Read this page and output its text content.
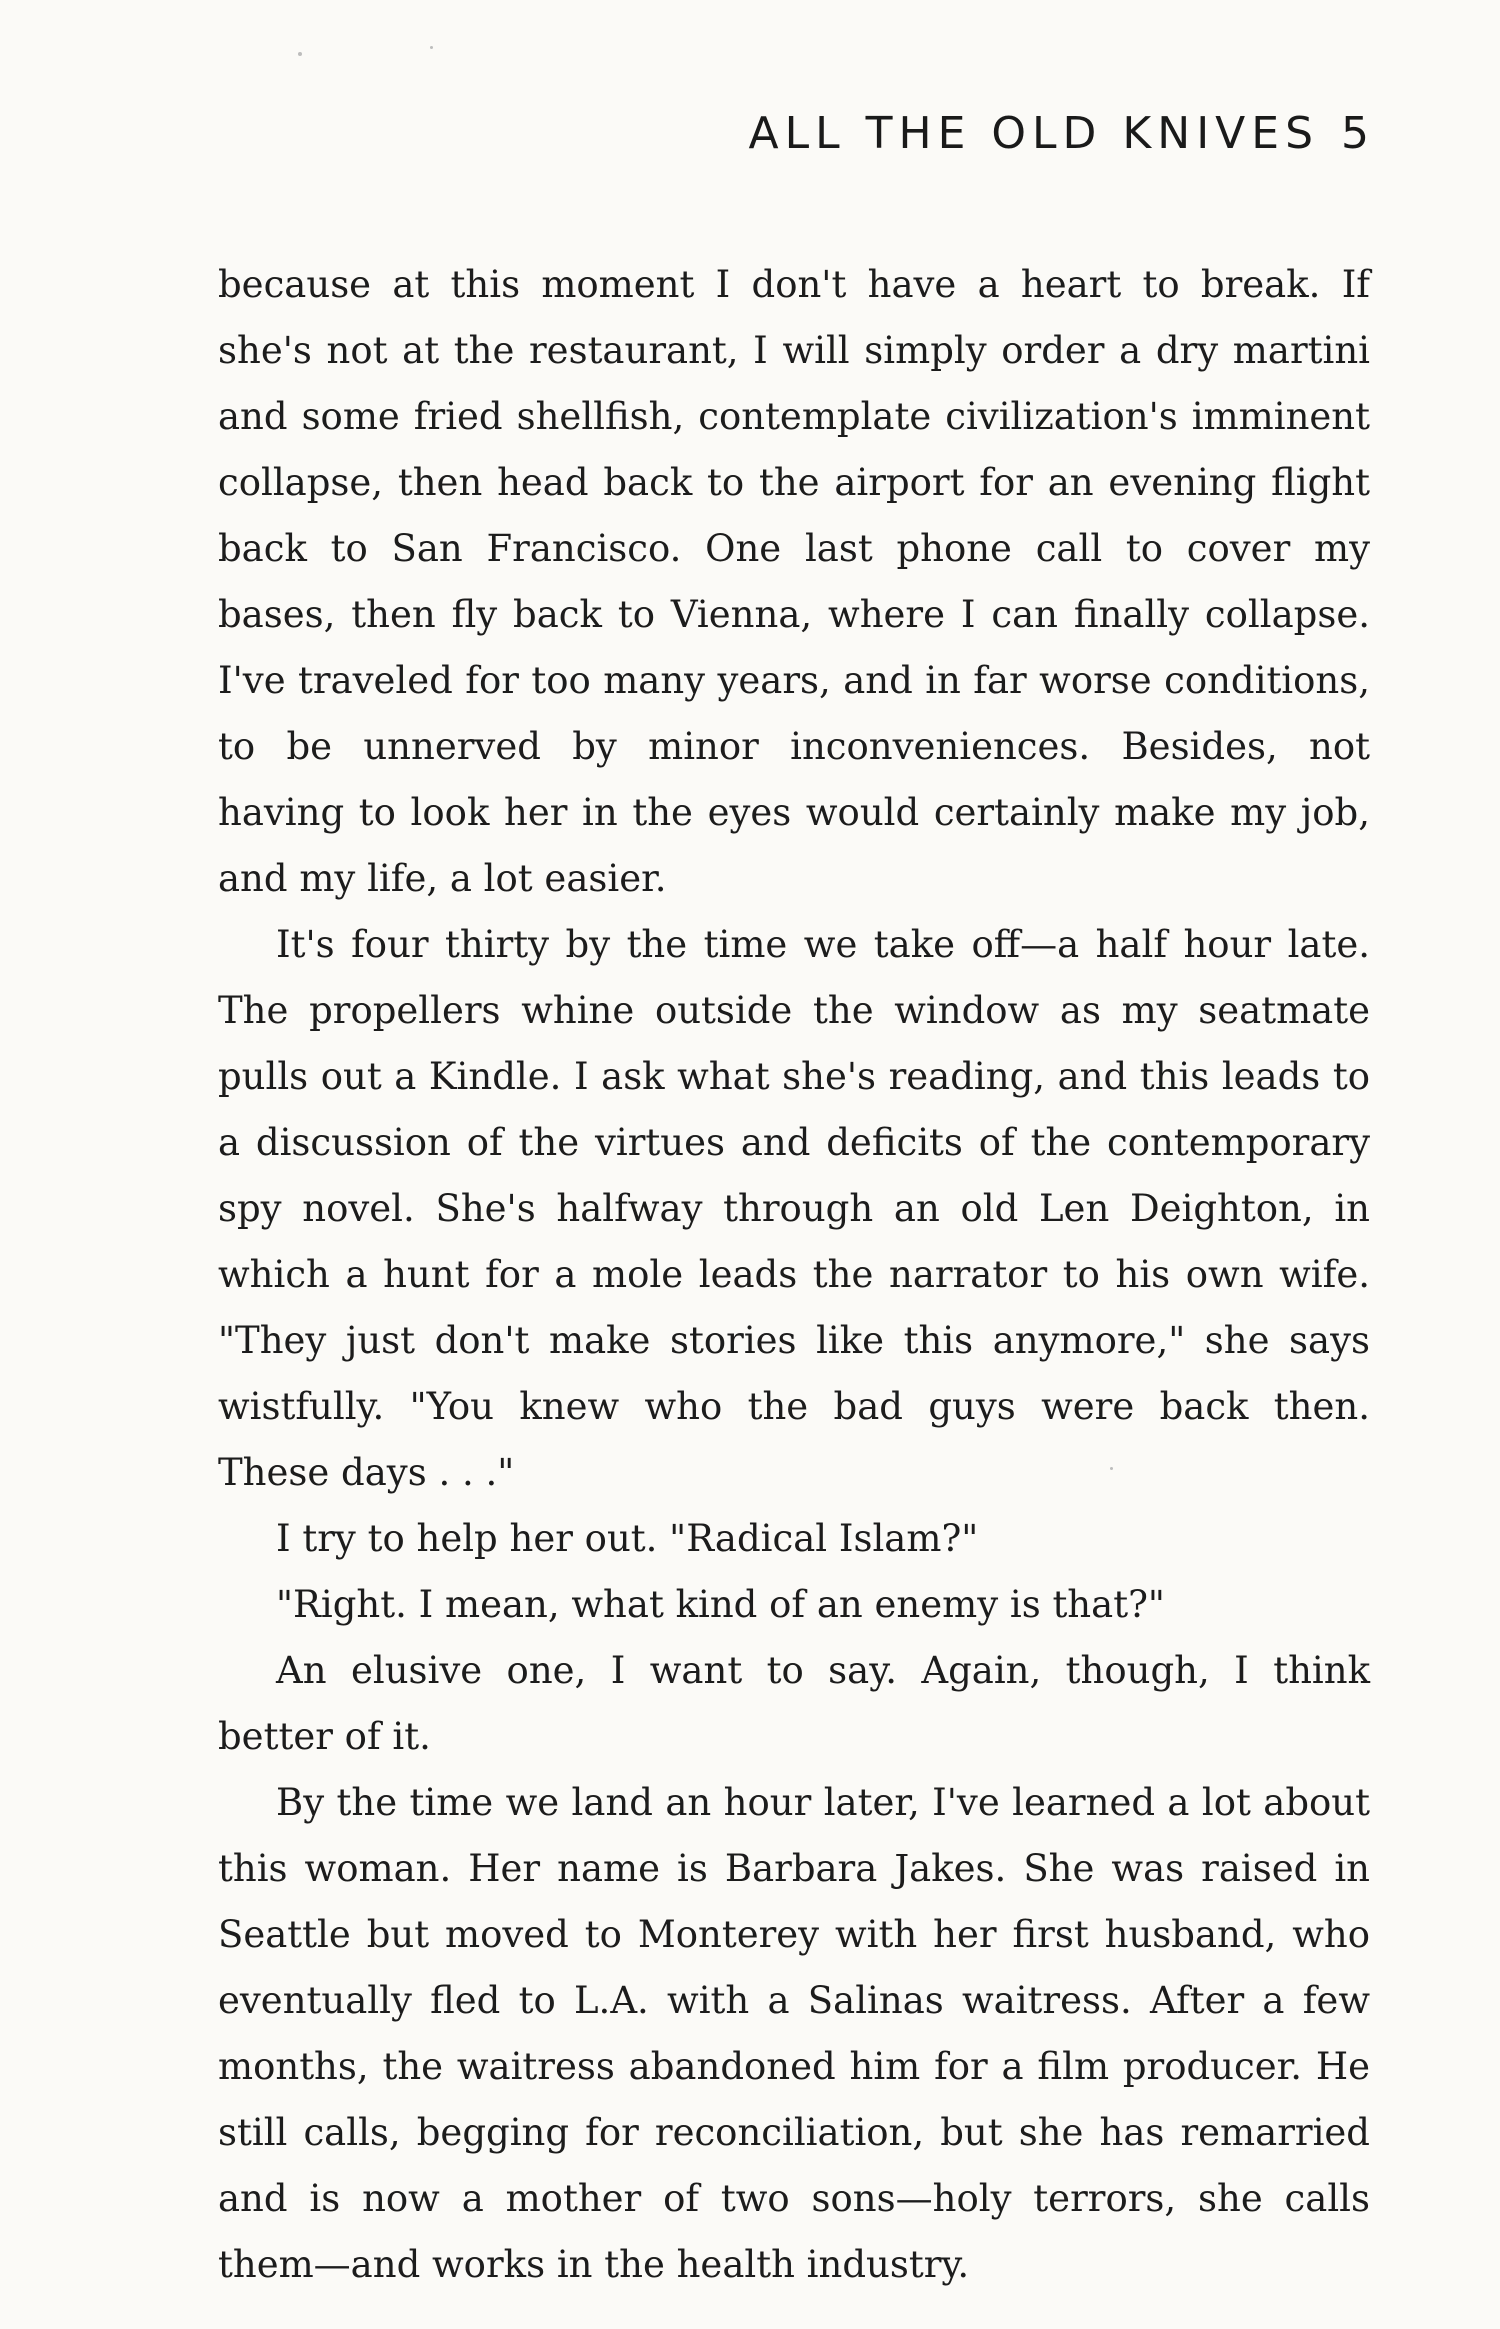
ALL THE OLD KNIVES 5

because at this moment I don't have a heart to break. If she's not at the restaurant, I will simply order a dry martini and some fried shellfish, contemplate civilization's imminent collapse, then head back to the airport for an evening flight back to San Francisco. One last phone call to cover my bases, then fly back to Vienna, where I can finally collapse. I've traveled for too many years, and in far worse conditions, to be unnerved by minor inconveniences. Besides, not having to look her in the eyes would certainly make my job, and my life, a lot easier.

It's four thirty by the time we take off—a half hour late. The propellers whine outside the window as my seatmate pulls out a Kindle. I ask what she's reading, and this leads to a discussion of the virtues and deficits of the contemporary spy novel. She's halfway through an old Len Deighton, in which a hunt for a mole leads the narrator to his own wife. "They just don't make stories like this anymore," she says wistfully. "You knew who the bad guys were back then. These days . . ."

I try to help her out. "Radical Islam?"

"Right. I mean, what kind of an enemy is that?"

An elusive one, I want to say. Again, though, I think better of it.

By the time we land an hour later, I've learned a lot about this woman. Her name is Barbara Jakes. She was raised in Seattle but moved to Monterey with her first husband, who eventually fled to L.A. with a Salinas waitress. After a few months, the waitress abandoned him for a film producer. He still calls, begging for reconciliation, but she has remarried and is now a mother of two sons—holy terrors, she calls them—and works in the health industry.
